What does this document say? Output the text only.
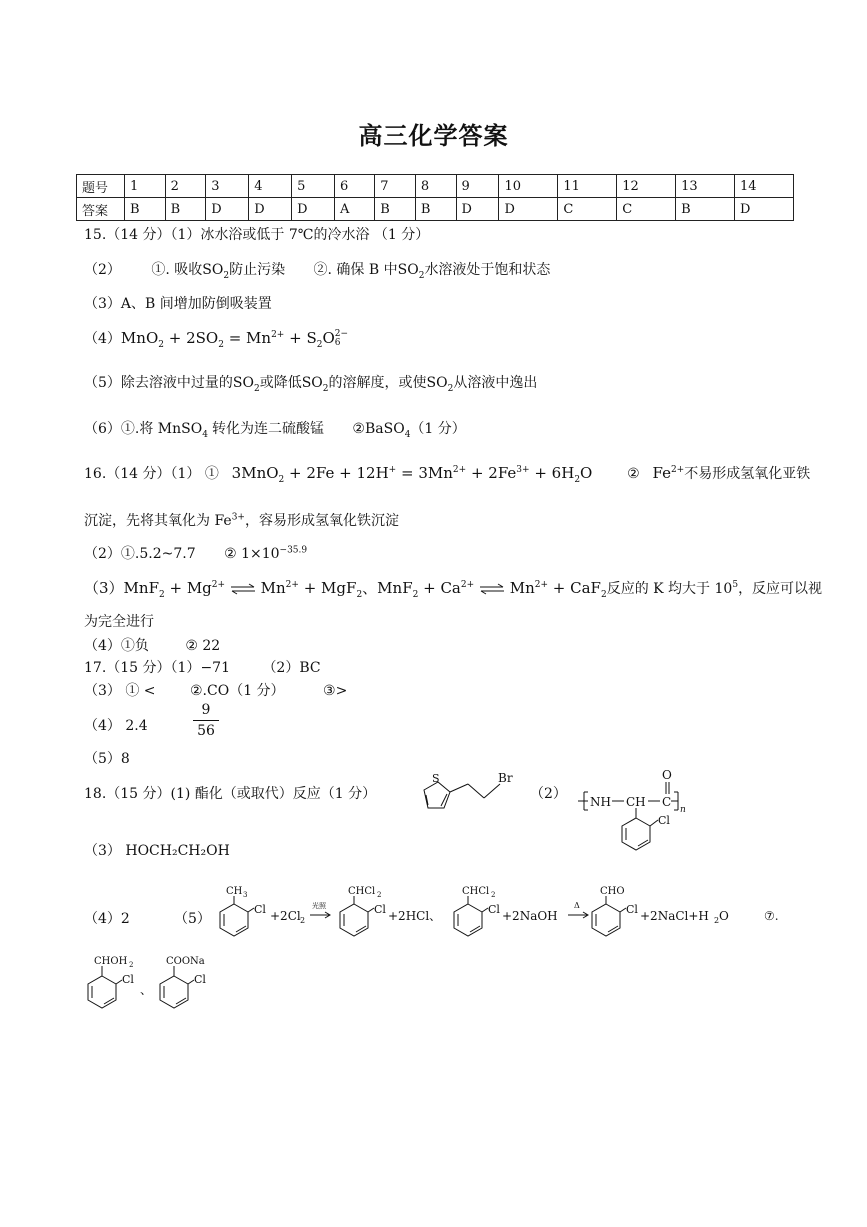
高三化学答案
题号	1	2	3	4	5	6	7	8	9	10	11	12	13	14
答案	B	B	D	D	D	A	B	B	D	D	C	C	B	D
15.（14 分）（1）冰水浴或低于 7℃的冷水浴 （1 分）
（2） ①. 吸收$SO_2$防止污染 ②. 确保 B 中$SO_2$水溶液处于饱和状态
（3）A、B 间增加防倒吸装置
$(4)MnO_2 + 2SO_2 = Mn^{2+} + S_2O$ 2−
6
（5）除去溶液中过量的$SO_2$或降低$SO_2$的溶解度，或使$SO_2$从溶液中逸出
（6）①.将 MnSO$_4$ 转化为连二硫酸锰 ②BaSO$_4$（1 分）
16.（14 分）（1） ① $3MnO_2 + 2Fe + 12H^+ = 3Mn^{2+} + 2Fe^{3+} + 6H_2O$ ② $Fe^{2+}$不易形成氢氧化亚铁
沉淀，先将其氧化为 $Fe^{3+}$，容易形成氢氧化铁沉淀
（2）①.5.2~7.7 ② $1\times 10^{-35.9}$
$(3)MnF_2 + Mg^{2+}$ ⇌ $Mn^{2+} + MgF_2$、$MnF_2 + Ca^{2+}$ ⇌ $Mn^{2+} + CaF_2$反应的 K 均大于 $10^5$，反应可以视
为完全进行
（4）①负	② 22
17.（15 分）（1）−71 （2）BC
（3） ① < ②.CO（1 分）	③>
（4） 2.4
9
56
（5）8
18.（15 分）(1) 酯化（或取代）反应（1 分）
S	Br
（2） NH CH C
O
n
Cl
（3） HOCH₂CH₂OH
（4）2	（5）
CH 3
Cl +2Cl 2
光照
CHCl 2
Cl +2HCl、
CHCl 2
Cl +2NaOH
Δ
CHO
Cl +2NaCl+H 2 O	⑦.
CHOH 2
Cl
、
COONa
Cl
